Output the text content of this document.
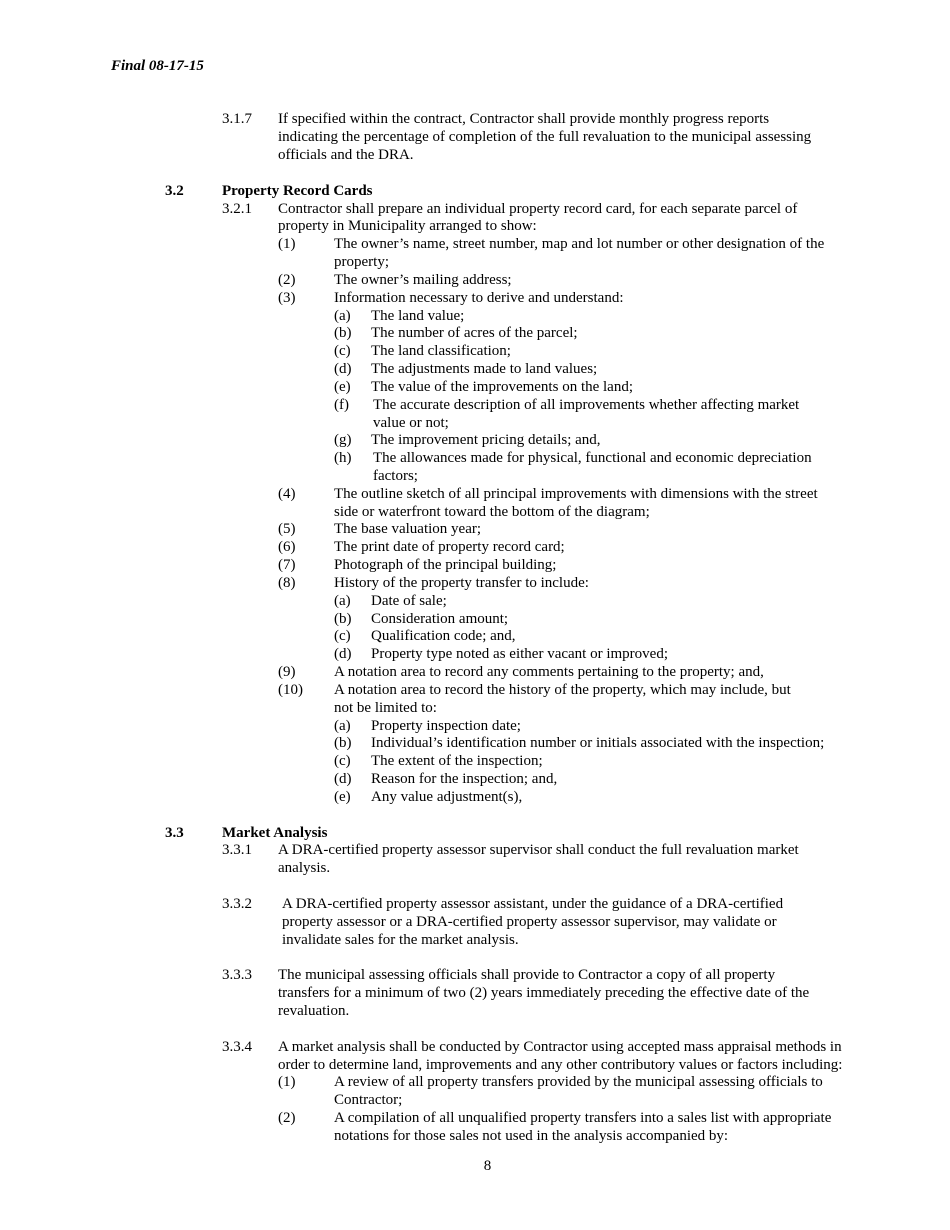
Final 08-17-15
3.1.7 If specified within the contract, Contractor shall provide monthly progress reports
indicating the percentage of completion of the full revaluation to the municipal assessing
officials and the DRA.
3.2	Property Record Cards
3.2.1 Contractor shall prepare an individual property record card, for each separate parcel of
property in Municipality arranged to show:
(1)	The owner’s name, street number, map and lot number or other designation of the
property;
(2)	The owner’s mailing address;
(3)	Information necessary to derive and understand:
(a) The land value;
(b) The number of acres of the parcel;
(c) The land classification;
(d) The adjustments made to land values;
(e) The value of the improvements on the land;
(f) The accurate description of all improvements whether affecting market
value or not;
(g) The improvement pricing details; and,
(h) The allowances made for physical, functional and economic depreciation
factors;
(4)	The outline sketch of all principal improvements with dimensions with the street
side or waterfront toward the bottom of the diagram;
(5)	The base valuation year;
(6)	The print date of property record card;
(7)	Photograph of the principal building;
(8)	History of the property transfer to include:
(a) Date of sale;
(b) Consideration amount;
(c) Qualification code; and,
(d) Property type noted as either vacant or improved;
(9)	A notation area to record any comments pertaining to the property; and,
(10) A notation area to record the history of the property, which may include, but
not be limited to:
(a) Property inspection date;
(b) Individual’s identification number or initials associated with the inspection;
(c) The extent of the inspection;
(d) Reason for the inspection; and,
(e) Any value adjustment(s),
3.3	Market Analysis
3.3.1 A DRA-certified property assessor supervisor shall conduct the full revaluation market
analysis.
3.3.2 A DRA-certified property assessor assistant, under the guidance of a DRA-certified
property assessor or a DRA-certified property assessor supervisor, may validate or
invalidate sales for the market analysis.
3.3.3 The municipal assessing officials shall provide to Contractor a copy of all property
transfers for a minimum of two (2) years immediately preceding the effective date of the
revaluation.
3.3.4 A market analysis shall be conducted by Contractor using accepted mass appraisal methods in
order to determine land, improvements and any other contributory values or factors including:
(1)	A review of all property transfers provided by the municipal assessing officials to
Contractor;
(2)	A compilation of all unqualified property transfers into a sales list with appropriate
notations for those sales not used in the analysis accompanied by:
8
